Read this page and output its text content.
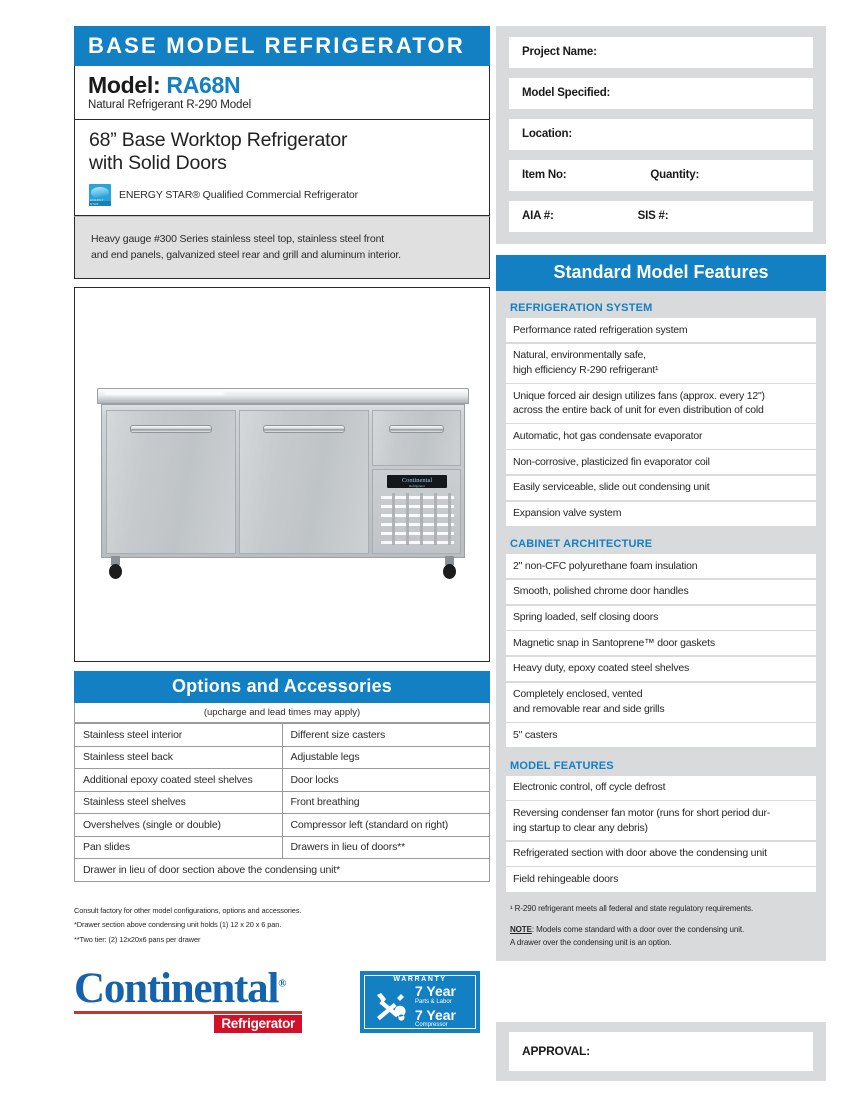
BASE MODEL REFRIGERATOR
Model: RA68N
Natural Refrigerant R-290 Model
68” Base Worktop Refrigerator
with Solid Doors
ENERGY STAR
ENERGY STAR® Qualified Commercial Refrigerator
Heavy gauge #300 Series stainless steel top, stainless steel front
and end panels, galvanized steel rear and grill and aluminum interior.
Continental
Refrigerator
Options and Accessories
(upcharge and lead times may apply)
Stainless steel interior	Different size casters
Stainless steel back	Adjustable legs
Additional epoxy coated steel shelves	Door locks
Stainless steel shelves	Front breathing
Overshelves (single or double)	Compressor left (standard on right)
Pan slides	Drawers in lieu of doors**
Drawer in lieu of door section above the condensing unit*	
Consult factory for other model configurations, options and accessories.
*Drawer section above condensing unit holds (1) 12 x 20 x 6 pan.
**Two tier: (2) 12x20x6 pans per drawer
Continental®
Refrigerator
WARRANTY
7 Year
Parts & Labor
7 Year
Compressor
Project Name:
Model Specified:
Location:
Item No:	Quantity:
AIA #:	SIS #:
Standard Model Features
REFRIGERATION SYSTEM
Performance rated refrigeration system
Natural, environmentally safe,
high efficiency R-290 refrigerant¹
Unique forced air design utilizes fans (approx. every 12")
across the entire back of unit for even distribution of cold
Automatic, hot gas condensate evaporator
Non-corrosive, plasticized fin evaporator coil
Easily serviceable, slide out condensing unit
Expansion valve system
CABINET ARCHITECTURE
2" non-CFC polyurethane foam insulation
Smooth, polished chrome door handles
Spring loaded, self closing doors
Magnetic snap in Santoprene™ door gaskets
Heavy duty, epoxy coated steel shelves
Completely enclosed, vented
and removable rear and side grills
5" casters
MODEL FEATURES
Electronic control, off cycle defrost
Reversing condenser fan motor (runs for short period dur-
ing startup to clear any debris)
Refrigerated section with door above the condensing unit
Field rehingeable doors
¹ R-290 refrigerant meets all federal and state regulatory requirements.
NOTE: Models come standard with a door over the condensing unit.
A drawer over the condensing unit is an option.
APPROVAL:
